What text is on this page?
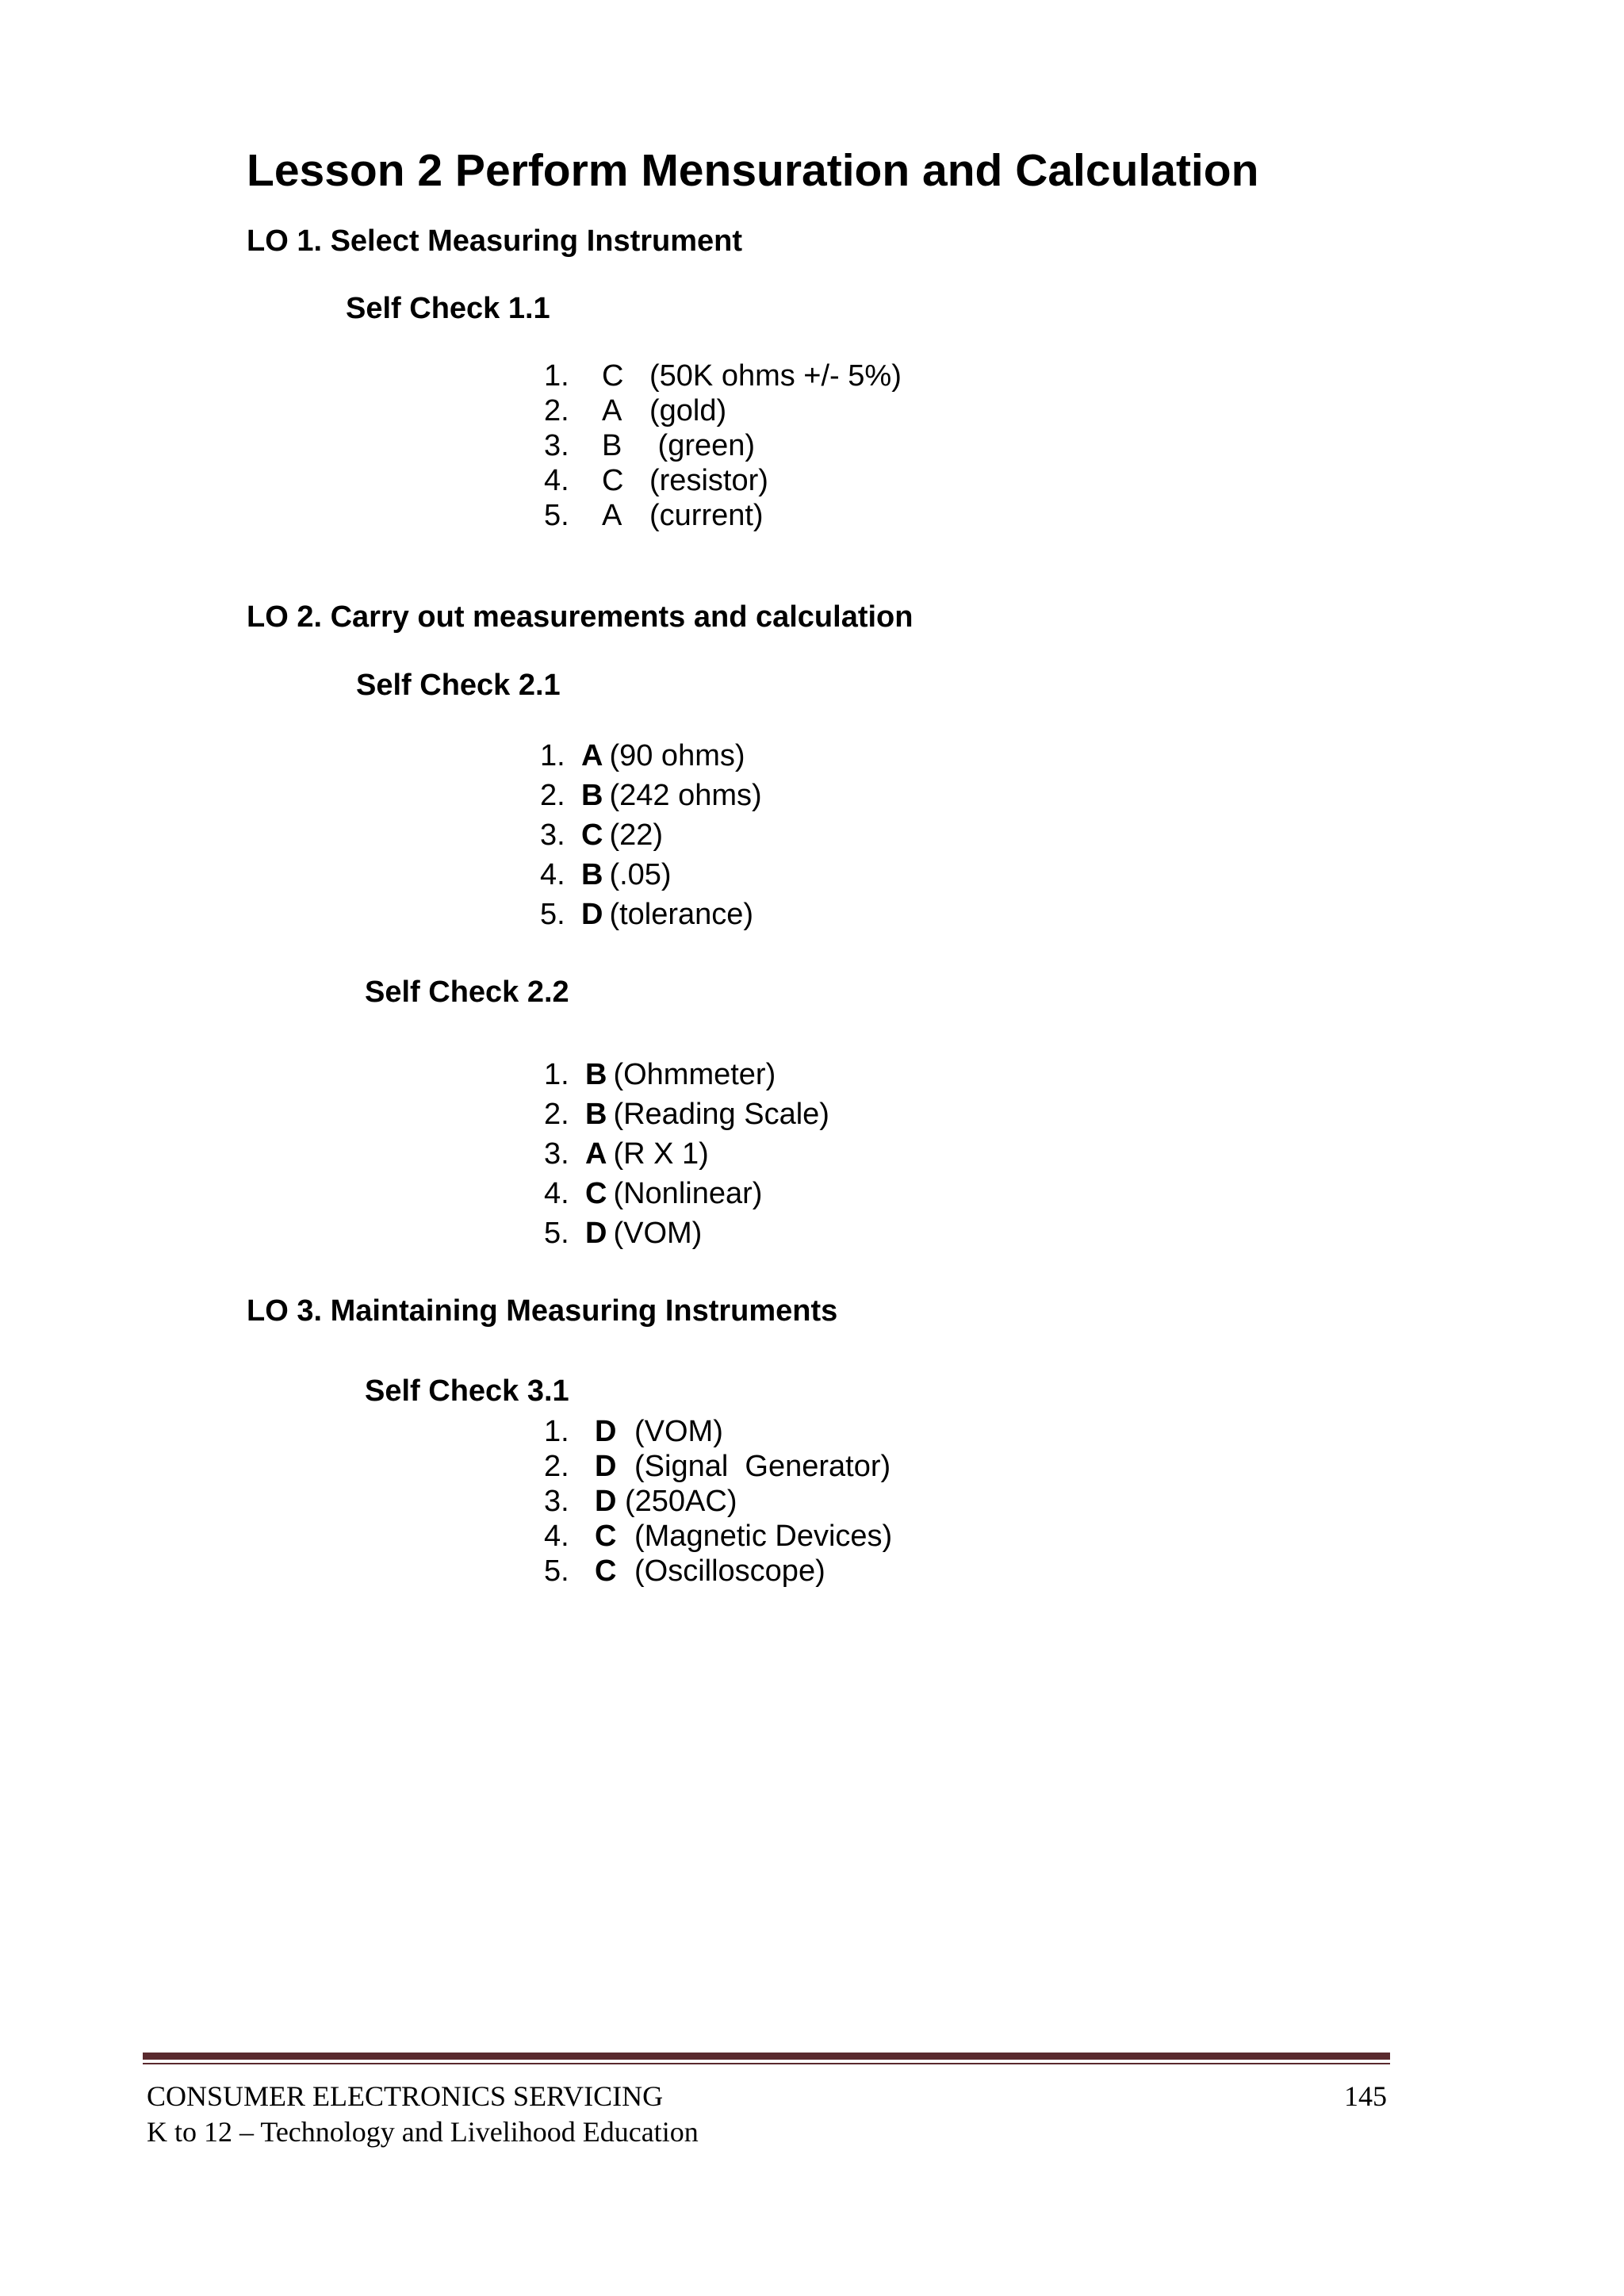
Lesson 2 Perform Mensuration and Calculation
LO 1. Select Measuring Instrument
Self Check 1.1
1. C (50K ohms +/- 5%)
2. A (gold)
3. B (green)
4. C (resistor)
5. A (current)
LO 2. Carry out measurements and calculation
Self Check 2.1
1. A (90 ohms)
2. B (242 ohms)
3. C (22)
4. B (.05)
5. D (tolerance)
Self Check 2.2
1. B (Ohmmeter)
2. B (Reading Scale)
3. A (R X 1)
4. C (Nonlinear)
5. D (VOM)
LO 3. Maintaining Measuring Instruments
Self Check 3.1
1. D (VOM)
2. D (Signal  Generator)
3. D (250AC)
4. C (Magnetic Devices)
5. C (Oscilloscope)
CONSUMER ELECTRONICS SERVICING
K to 12 – Technology and Livelihood Education
145
